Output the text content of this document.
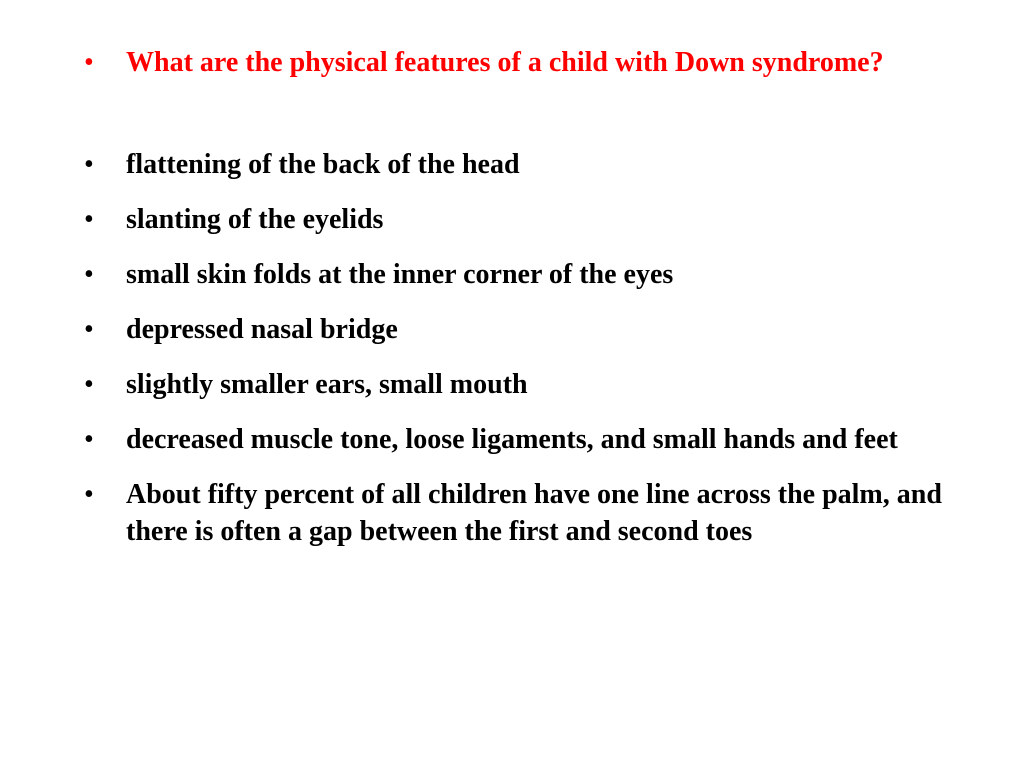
•	What are the physical features of a child with Down syndrome?
•	flattening of the back of the head
•	slanting of the eyelids
•	small skin folds at the inner corner of the eyes
•	depressed nasal bridge
•	slightly smaller ears, small mouth
•	decreased muscle tone, loose ligaments, and small hands and feet
•	About fifty percent of all children have one line across the palm, and there is often a gap between the first and second toes
